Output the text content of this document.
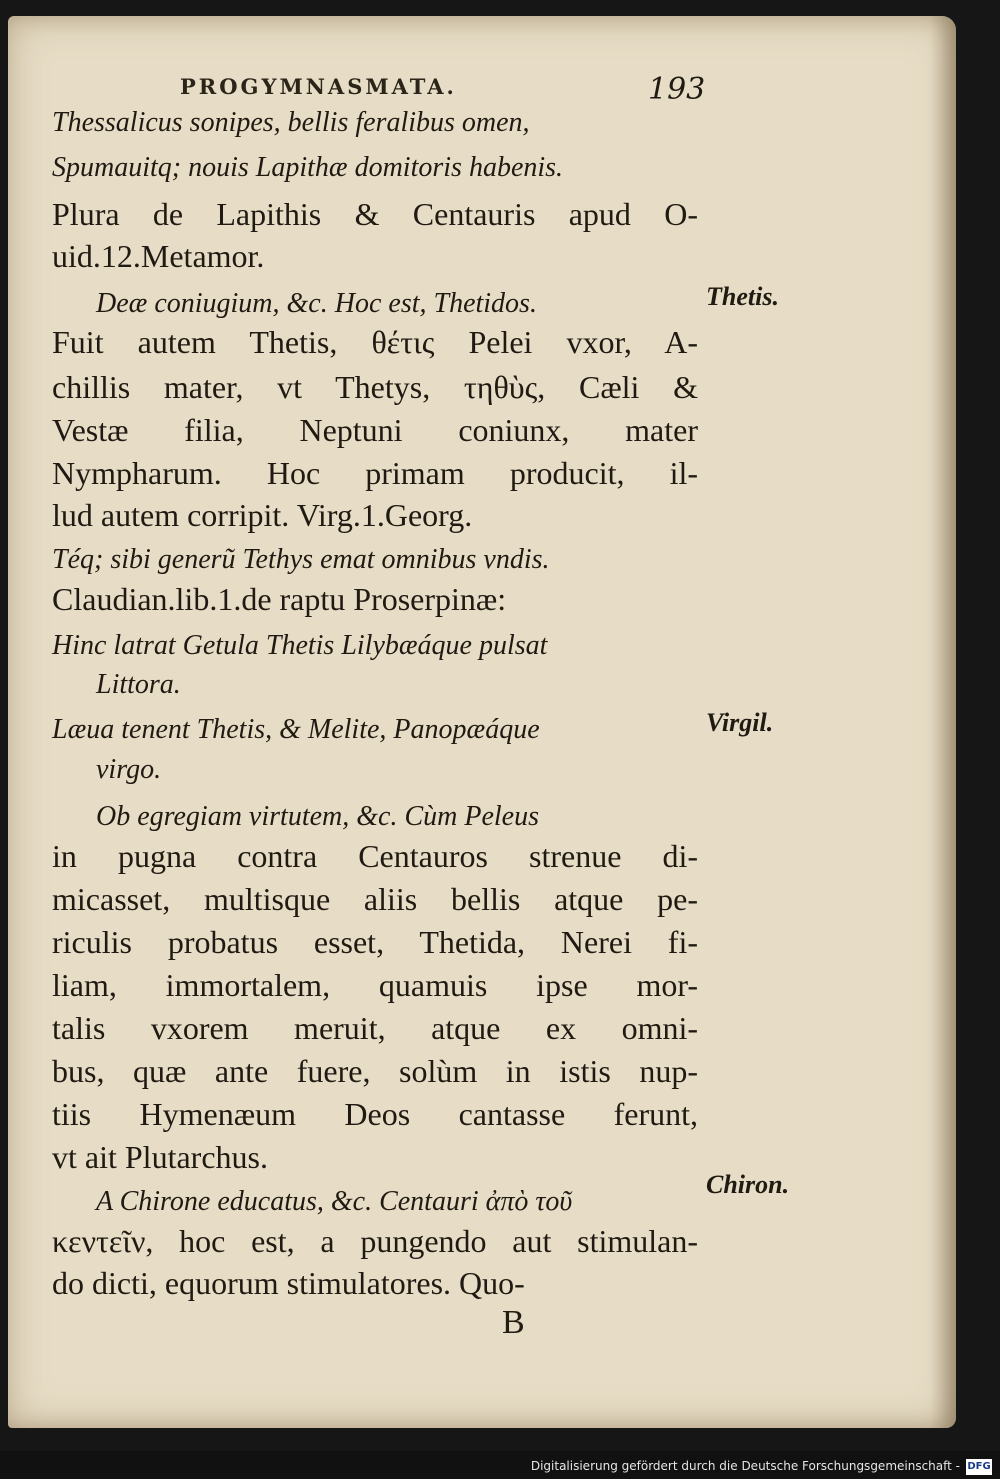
PROGYMNASMATA.	193
Thessalicus sonipes, bellis feralibus omen,
Spumauitq; nouis Lapithæ domitoris habenis.
Plura de Lapithis & Centauris apud O-
uid.12.Metamor.
Deæ coniugium, &c. Hoc est, Thetidos.
Fuit autem Thetis, θέτις Pelei vxor, A-
chillis mater, vt Thetys, τηθὺς, Cæli &
Vestæ filia, Neptuni coniunx, mater
Nympharum. Hoc primam producit, il-
lud autem corripit. Virg.1.Georg.
Téq; sibi generũ Tethys emat omnibus vndis.
Claudian.lib.1.de raptu Proserpinæ:
Hinc latrat Getula Thetis Lilybæáque pulsat
Littora.
Læua tenent Thetis, & Melite, Panopæáque
virgo.
Ob egregiam virtutem, &c. Cùm Peleus
in pugna contra Centauros strenue di-
micasset, multisque aliis bellis atque pe-
riculis probatus esset, Thetida, Nerei fi-
liam, immortalem, quamuis ipse mor-
talis vxorem meruit, atque ex omni-
bus, quæ ante fuere, solùm in istis nup-
tiis Hymenæum Deos cantasse ferunt,
vt ait Plutarchus.
A Chirone educatus, &c. Centauri ἀπὸ τοῦ
κεντεῖν, hoc est, a pungendo aut stimulan-
do dicti, equorum stimulatores. Quo-
Thetis.
Virgil.
Chiron.
B
Digitalisierung gefördert durch die Deutsche Forschungsgemeinschaft - DFG
